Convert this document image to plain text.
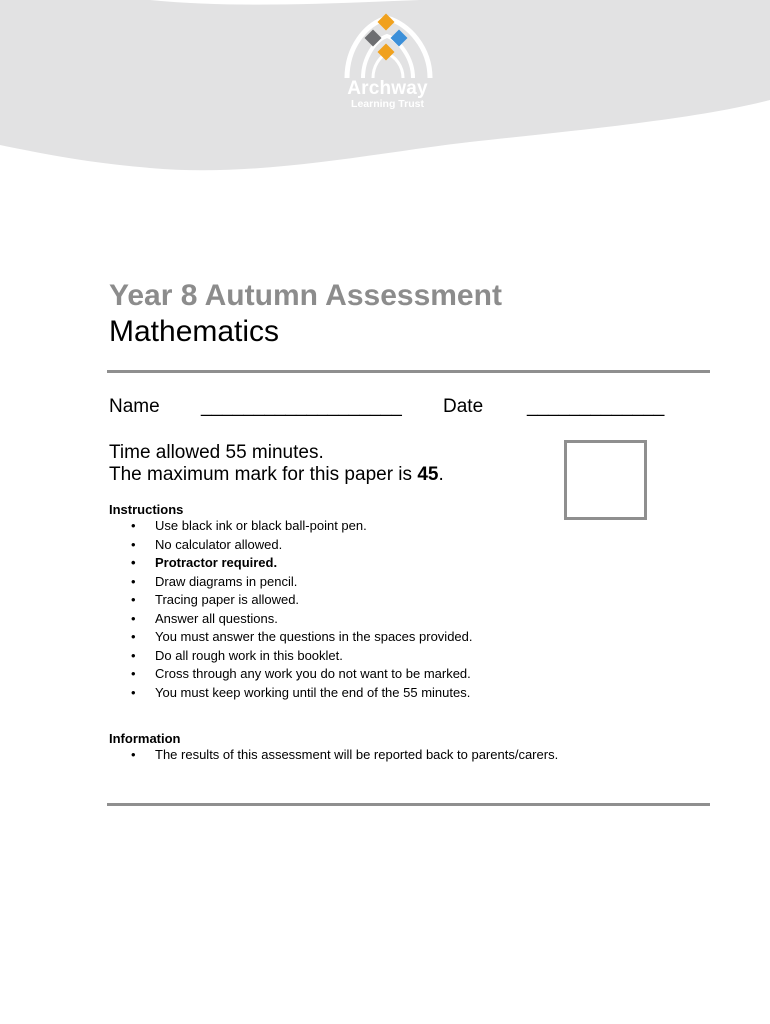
Archway
Learning Trust
Year 8 Autumn Assessment
Mathematics
Name ___________________ Date _____________
Time allowed 55 minutes.
The maximum mark for this paper is 45.
Instructions
• Use black ink or black ball-point pen.
• No calculator allowed.
• Protractor required.
• Draw diagrams in pencil.
• Tracing paper is allowed.
• Answer all questions.
• You must answer the questions in the spaces provided.
• Do all rough work in this booklet.
• Cross through any work you do not want to be marked.
• You must keep working until the end of the 55 minutes.
Information
• The results of this assessment will be reported back to parents/carers.
